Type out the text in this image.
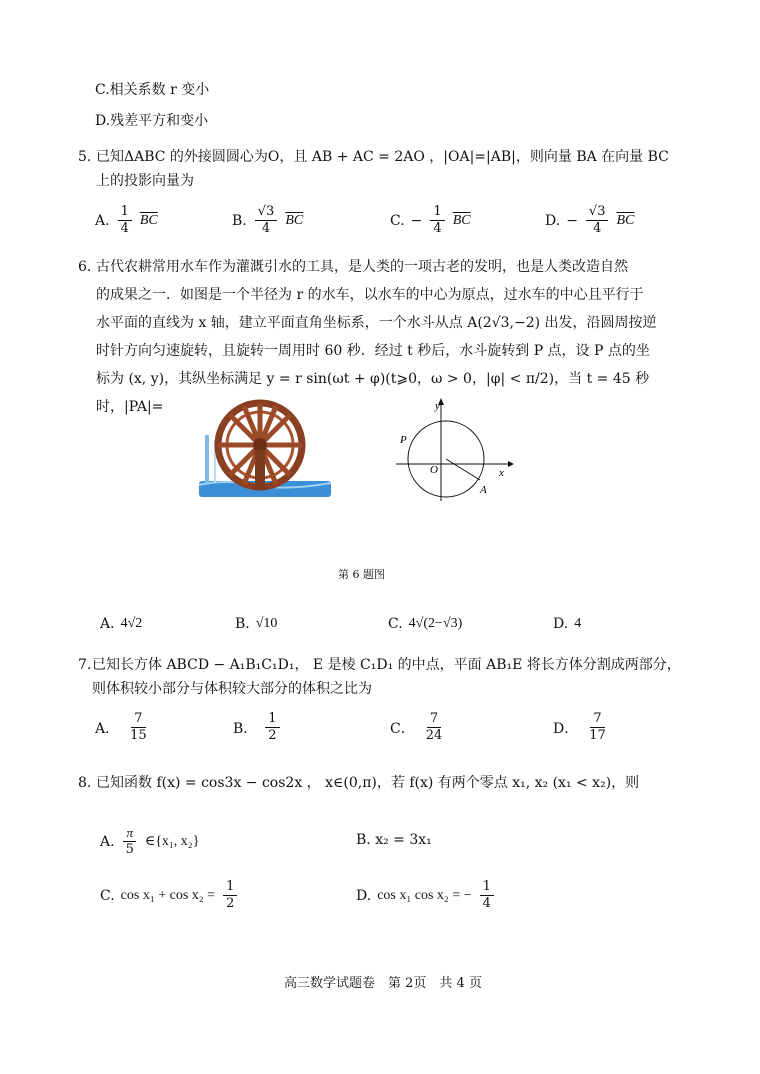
C.相关系数 r 变小
D.残差平方和变小
5. 已知ΔABC 的外接圆圆心为O，且 AB + AC = 2AO ，|OA|=|AB|，则向量 BA 在向量 BC
上的投影向量为
A. $\frac{1}{4} \overline{BC}$	B. $\frac{√3}{4} \overline{BC}$	C. − $\frac{1}{4} \overline{BC}$	D. − $\frac{√3}{4} \overline{BC}$
6. 古代农耕常用水车作为灌溉引水的工具，是人类的一项古老的发明，也是人类改造自然
的成果之一．如图是一个半径为 r 的水车，以水车的中心为原点，过水车的中心且平行于
水平面的直线为 x 轴，建立平面直角坐标系，一个水斗从点 A(2√3,−2) 出发，沿圆周按逆
时针方向匀速旋转，且旋转一周用时 60 秒．经过 t 秒后，水斗旋转到 P 点，设 P 点的坐
标为 (x, y)，其纵坐标满足 y = r sin(ωt + φ)(t⩾0，ω > 0，|φ| < π/2)，当 t = 45 秒时，|PA|=	y
x
O
P
A
第 6 题图
A. 4√2	B. √10	C. 4√(2−√3)	D. 4
7. 已知长方体 ABCD − A₁B₁C₁D₁， E 是棱 C₁D₁ 的中点，平面 AB₁E 将长方体分割成两部分，
则体积较小部分与体积较大部分的体积之比为
A． $\frac{7}{15}$	B． $\frac{1}{2}$	C． $\frac{7}{24}$	D． $\frac{7}{17}$
8. 已知函数 f(x) = cos3x − cos2x ， x∈(0,π)，若 f(x) 有两个零点 x₁, x₂ (x₁ < x₂)，则
A. $\frac{\pi}{5}$ ∈{x₁, x₂}	B. x₂ = 3x₁
C. $\cos x_1 + \cos x_2 = \frac{1}{2}$	D. cos x₁ cos x₂ = − $\frac{1}{4}$
高三数学试题卷　第 2页　共 4 页
